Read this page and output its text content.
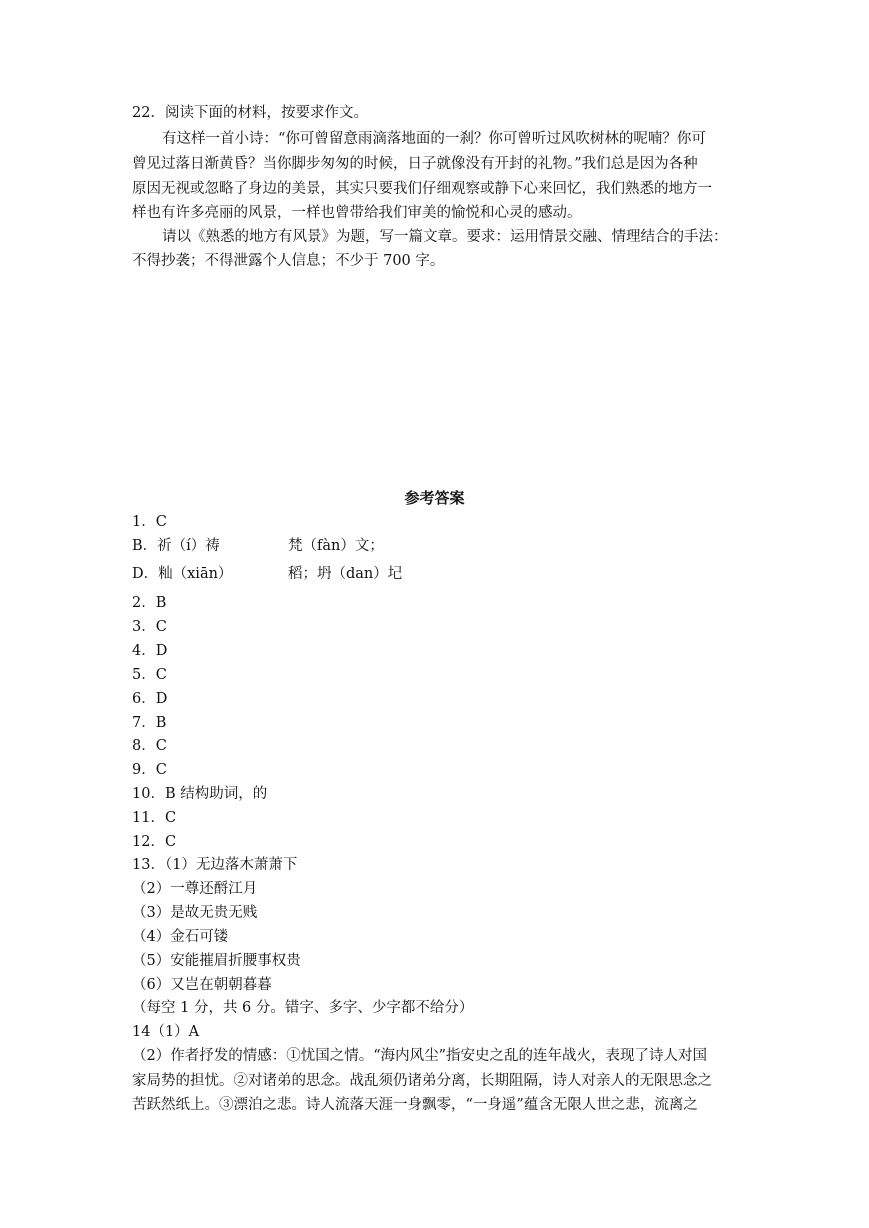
22．阅读下面的材料，按要求作文。
有这样一首小诗：“你可曾留意雨滴落地面的一刹？你可曾听过风吹树林的呢喃？你可
曾见过落日渐黄昏？当你脚步匆匆的时候，日子就像没有开封的礼物。”我们总是因为各种
原因无视或忽略了身边的美景，其实只要我们仔细观察或静下心来回忆，我们熟悉的地方一
样也有许多亮丽的风景，一样也曾带给我们审美的愉悦和心灵的感动。
请以《熟悉的地方有风景》为题，写一篇文章。要求：运用情景交融、情理结合的手法：
不得抄袭；不得泄露个人信息；不少于 700 字。
参考答案
1．C
B．祈（í）祷	梵（fàn）文；
D．籼（xiān）	稻；坍（dan）圮
2．B
3．C
4．D
5．C
6．D
7．B
8．C
9．C
10．B 结构助词，的
11．C
12．C
13．（1）无边落木萧萧下
（2）一尊还酹江月
（3）是故无贵无贱
（4）金石可镂
（5）安能摧眉折腰事权贵
（6）又岂在朝朝暮暮
（每空 1 分，共 6 分。错字、多字、少字都不给分）
14（1）A
（2）作者抒发的情感：①忧国之情。“海内风尘”指安史之乱的连年战火，表现了诗人对国
家局势的担忧。②对诸弟的思念。战乱须仍诸弟分离，长期阻隔，诗人对亲人的无限思念之
苦跃然纸上。③漂泊之悲。诗人流落天涯一身飘零，“一身遥”蕴含无限人世之悲，流离之
